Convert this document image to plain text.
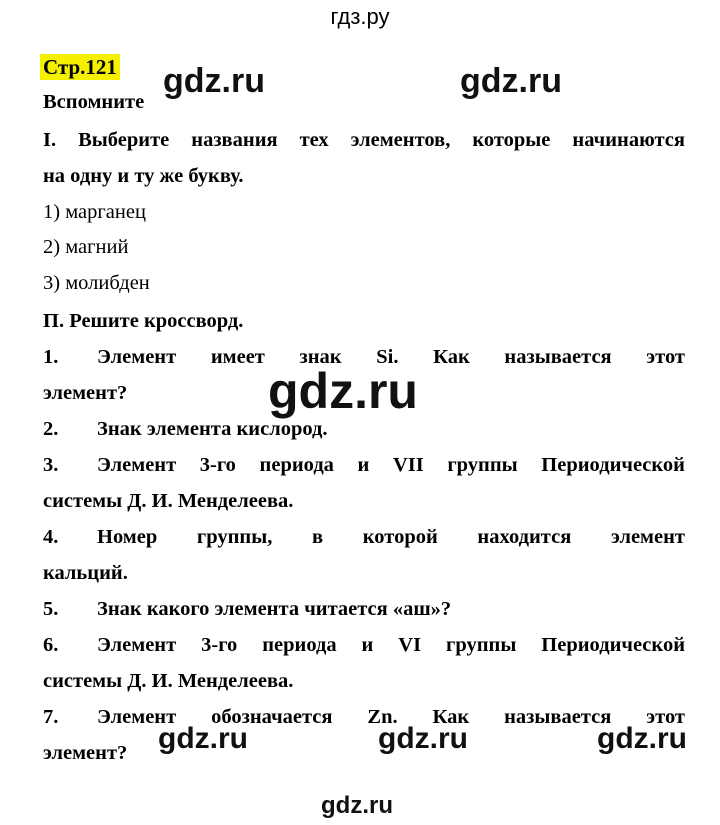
гдз.ру
Стр.121
Вспомните
I. Выберите названия тех элементов, которые начинаются
на одну и ту же букву.
1) марганец
2) магний
3) молибден
П. Решите кроссворд.
1.	Элемент имеет знак Si. Как называется этот
элемент?
2.	Знак элемента кислород.
3.	Элемент 3-го периода и VII группы Периодической
системы Д. И. Менделеева.
4.	Номер группы, в которой находится элемент
кальций.
5.	Знак какого элемента читается «аш»?
6.	Элемент 3-го периода и VI группы Периодической
системы Д. И. Менделеева.
7.	Элемент обозначается Zn. Как называется этот
элемент?
gdz.ru	gdz.ru
gdz.ru
gdz.ru	gdz.ru	gdz.ru
gdz.ru
